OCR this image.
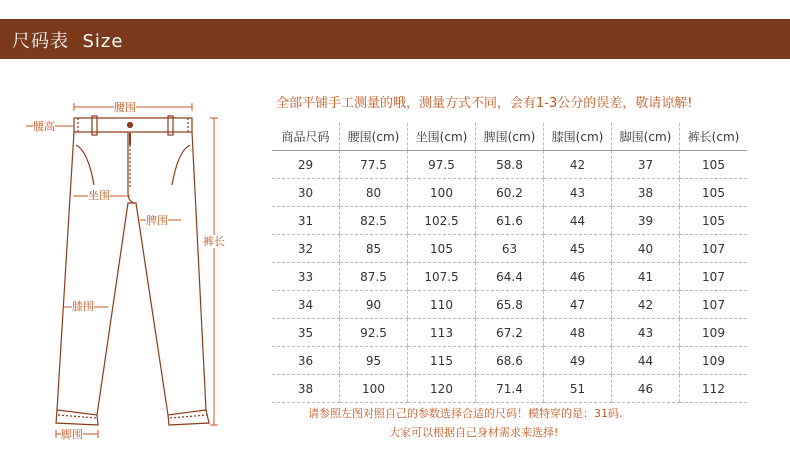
尺码表  Size
腰围
腰高
坐围
脾围
裤长
膝围
脚围
全部平铺手工测量的哦，测量方式不同，会有1-3公分的误差，敬请谅解!
商品尺码	腰围(cm)	坐围(cm)	脾围(cm)	膝围(cm)	脚围(cm)	裤长(cm)
29	77.5	97.5	58.8	42	37	105
30	80	100	60.2	43	38	105
31	82.5	102.5	61.6	44	39	105
32	85	105	63	45	40	107
33	87.5	107.5	64.4	46	41	107
34	90	110	65.8	47	42	107
35	92.5	113	67.2	48	43	109
36	95	115	68.6	49	44	109
38	100	120	71.4	51	46	112
请参照左图对照自己的参数选择合适的尺码！模特穿的是：31码.
大家可以根据自己身材需求来选择!
